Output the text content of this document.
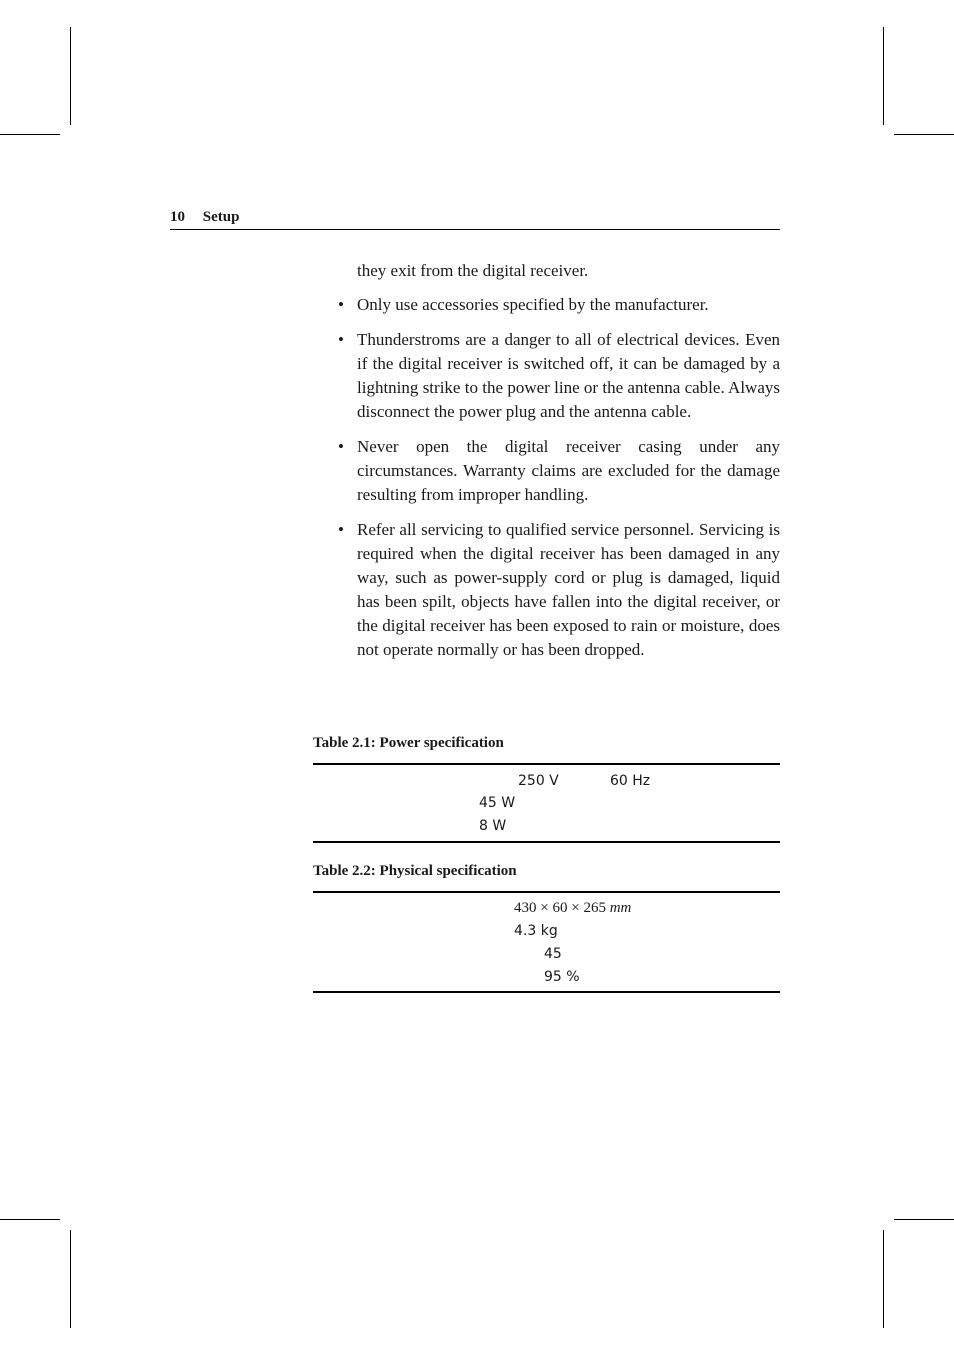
10 Setup

they exit from the digital receiver.

• Only use accessories specified by the manufacturer.
• Thunderstroms are a danger to all of electrical devices. Even if the digital receiver is switched off, it can be damaged by a lightning strike to the power line or the antenna cable. Always disconnect the power plug and the antenna cable.
• Never open the digital receiver casing under any circumstances. Warranty claims are excluded for the damage resulting from improper handling.
• Refer all servicing to qualified service personnel. Servicing is required when the digital receiver has been damaged in any way, such as power-supply cord or plug is damaged, liquid has been spilt, objects have fallen into the digital receiver, or the digital receiver has been exposed to rain or moisture, does not operate normally or has been dropped.
Table 2.1: Power specification
250 V	60 Hz
45 W
8 W
Table 2.2: Physical specification
430 × 60 × 265 mm
4.3 kg
45
95 %
